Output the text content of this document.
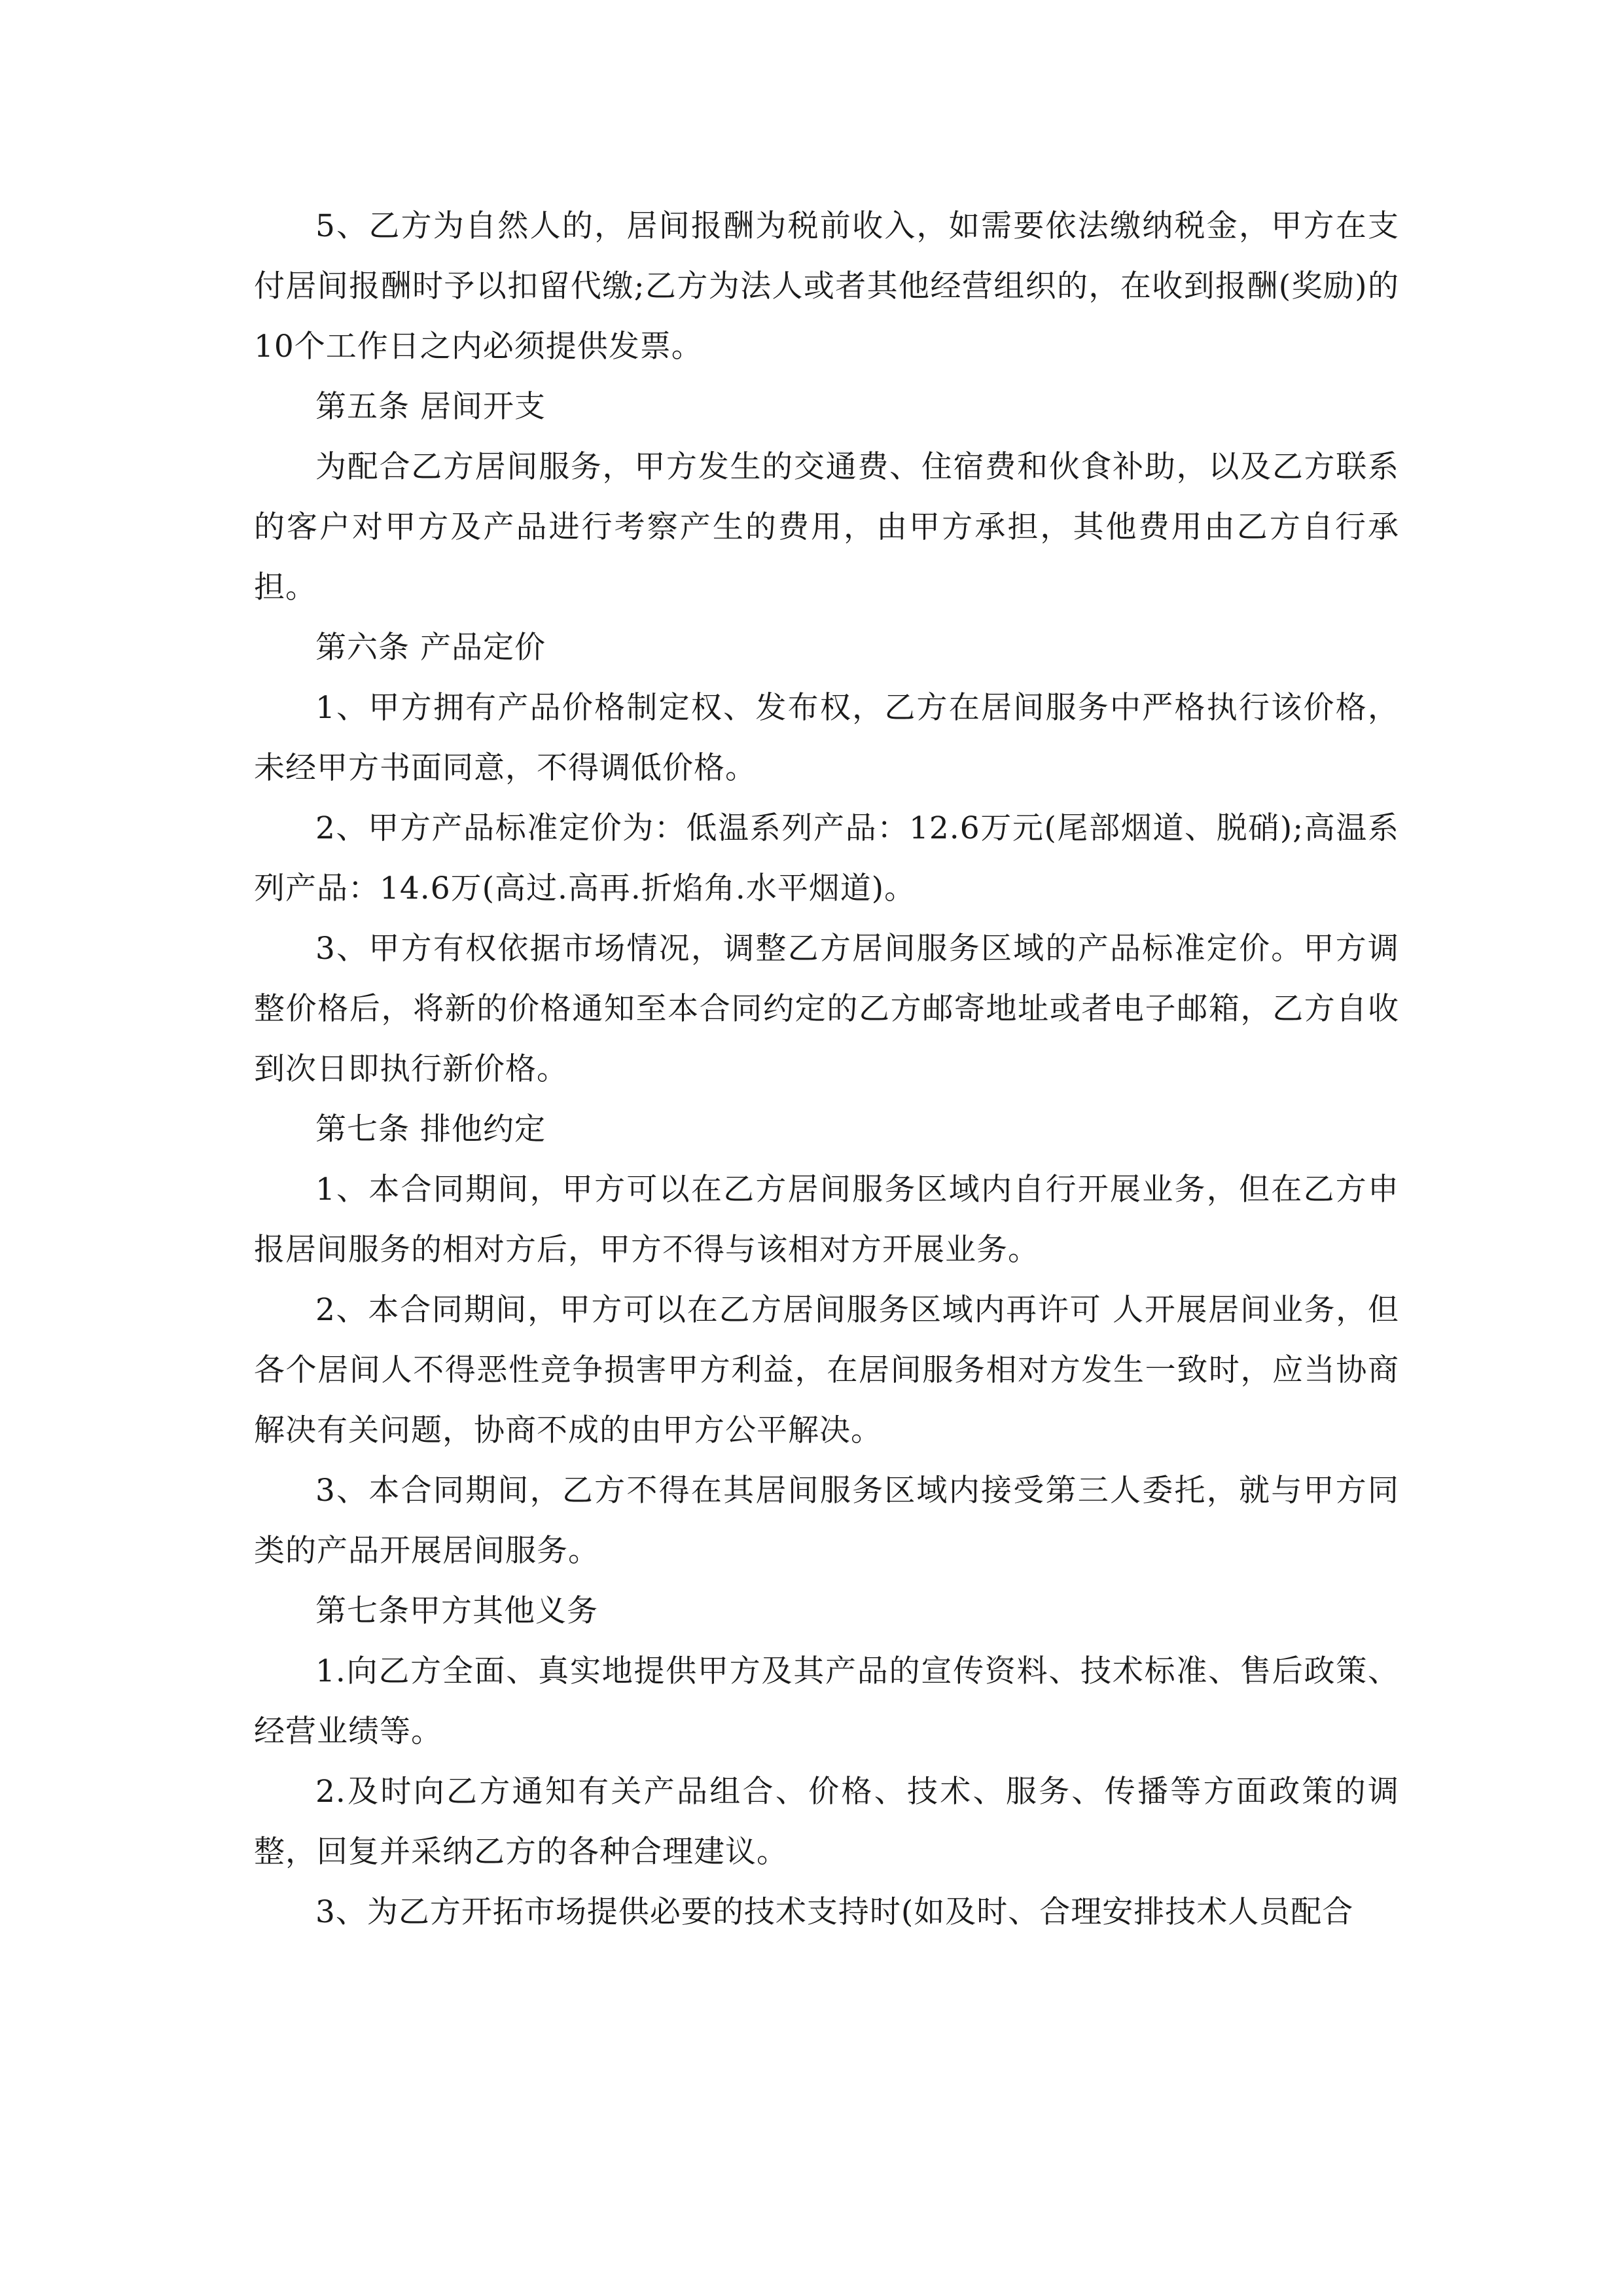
5、乙方为自然人的，居间报酬为税前收入，如需要依法缴纳税金，甲方在支付居间报酬时予以扣留代缴;乙方为法人或者其他经营组织的，在收到报酬(奖励)的10个工作日之内必须提供发票。

第五条 居间开支

为配合乙方居间服务，甲方发生的交通费、住宿费和伙食补助，以及乙方联系的客户对甲方及产品进行考察产生的费用，由甲方承担，其他费用由乙方自行承担。

第六条 产品定价

1、甲方拥有产品价格制定权、发布权，乙方在居间服务中严格执行该价格，未经甲方书面同意，不得调低价格。

2、甲方产品标准定价为：低温系列产品：12.6万元(尾部烟道、脱硝);高温系列产品：14.6万(高过.高再.折焰角.水平烟道)。

3、甲方有权依据市场情况，调整乙方居间服务区域的产品标准定价。甲方调整价格后，将新的价格通知至本合同约定的乙方邮寄地址或者电子邮箱，乙方自收到次日即执行新价格。

第七条 排他约定

1、本合同期间，甲方可以在乙方居间服务区域内自行开展业务，但在乙方申报居间服务的相对方后，甲方不得与该相对方开展业务。

2、本合同期间，甲方可以在乙方居间服务区域内再许可 人开展居间业务，但各个居间人不得恶性竞争损害甲方利益，在居间服务相对方发生一致时，应当协商解决有关问题，协商不成的由甲方公平解决。

3、本合同期间，乙方不得在其居间服务区域内接受第三人委托，就与甲方同类的产品开展居间服务。

第七条甲方其他义务

1.向乙方全面、真实地提供甲方及其产品的宣传资料、技术标准、售后政策、经营业绩等。

2.及时向乙方通知有关产品组合、价格、技术、服务、传播等方面政策的调整，回复并采纳乙方的各种合理建议。

3、为乙方开拓市场提供必要的技术支持时(如及时、合理安排技术人员配合
